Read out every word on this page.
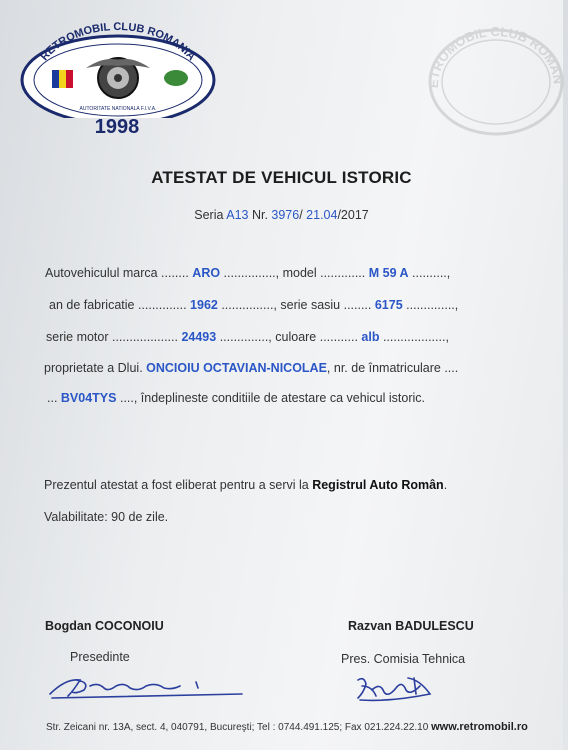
RETROMOBIL CLUB ROMANIA
AUTORITATE NATIONALA F.I.V.A.
1998
ETROMOBIL CLUB ROMAN
ATESTAT DE VEHICUL ISTORIC
Seria A13 Nr. 3976/ 21.04/2017
Autovehiculul marca ........ ARO ..............., model ............. M 59 A ..........,
an de fabricatie .............. 1962 ..............., serie sasiu ........ 6175 ..............,
serie motor ................... 24493 .............., culoare ........... alb ..................,
proprietate a Dlui. ONCIOIU OCTAVIAN-NICOLAE, nr. de înmatriculare ....
... BV04TYS ...., îndeplineste conditiile de atestare ca vehicul istoric.
Prezentul atestat a fost eliberat pentru a servi la Registrul Auto Român.
Valabilitate: 90 de zile.
Bogdan COCONOIU
Presedinte
Razvan BADULESCU
Pres. Comisia Tehnica
Str. Zeicani nr. 13A, sect. 4, 040791, Bucureşti; Tel : 0744.491.125; Fax 021.224.22.10 www.retromobil.ro
